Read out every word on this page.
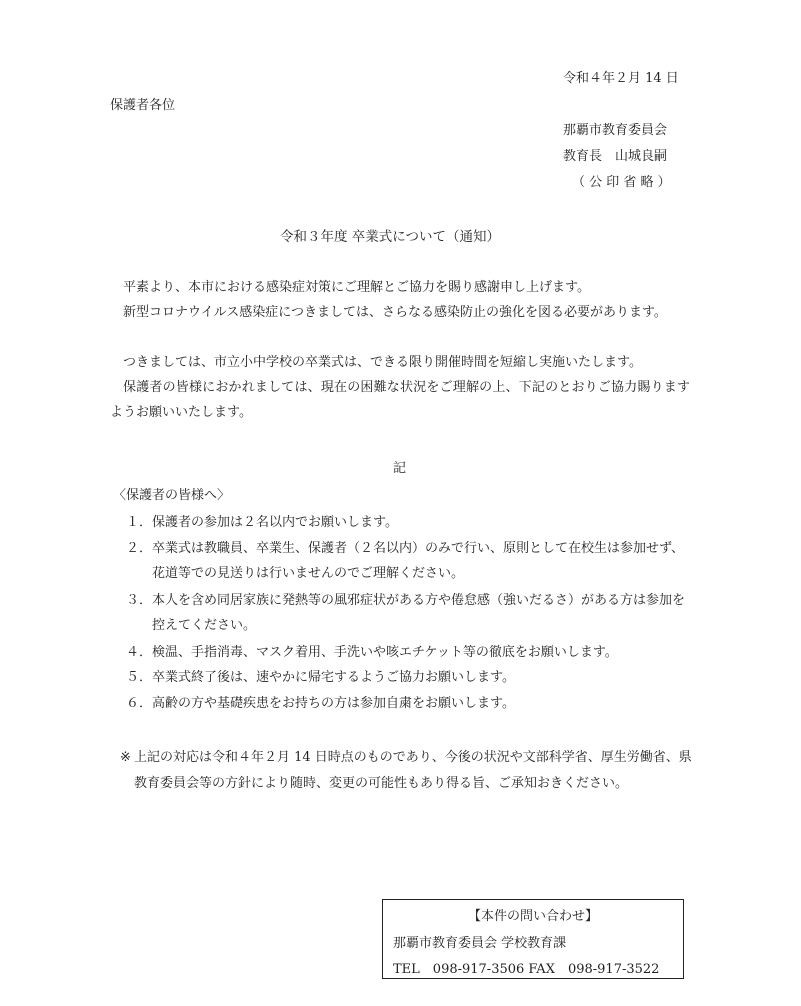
令和４年２月 14 日
保護者各位
那覇市教育委員会
教育長　山城良嗣
（ 公 印 省 略 ）
令和３年度 卒業式について（通知）
平素より、本市における感染症対策にご理解とご協力を賜り感謝申し上げます。
新型コロナウイルス感染症につきましては、さらなる感染防止の強化を図る必要があります。
つきましては、市立小中学校の卒業式は、できる限り開催時間を短縮し実施いたします。
保護者の皆様におかれましては、現在の困難な状況をご理解の上、下記のとおりご協力賜りますようお願いいたします。
記
〈保護者の皆様へ〉
１． 保護者の参加は２名以内でお願いします。
２． 卒業式は教職員、卒業生、保護者（２名以内）のみで行い、原則として在校生は参加せず、花道等での見送りは行いませんのでご理解ください。
３． 本人を含め同居家族に発熱等の風邪症状がある方や倦怠感（強いだるさ）がある方は参加を控えてください。
４． 検温、手指消毒、マスク着用、手洗いや咳エチケット等の徹底をお願いします。
５． 卒業式終了後は、速やかに帰宅するようご協力お願いします。
６． 高齢の方や基礎疾患をお持ちの方は参加自粛をお願いします。
※ 上記の対応は令和４年２月 14 日時点のものであり、今後の状況や文部科学省、厚生労働省、県教育委員会等の方針により随時、変更の可能性もあり得る旨、ご承知おきください。
【本件の問い合わせ】
那覇市教育委員会 学校教育課
TEL　098-917-3506 FAX　098-917-3522
